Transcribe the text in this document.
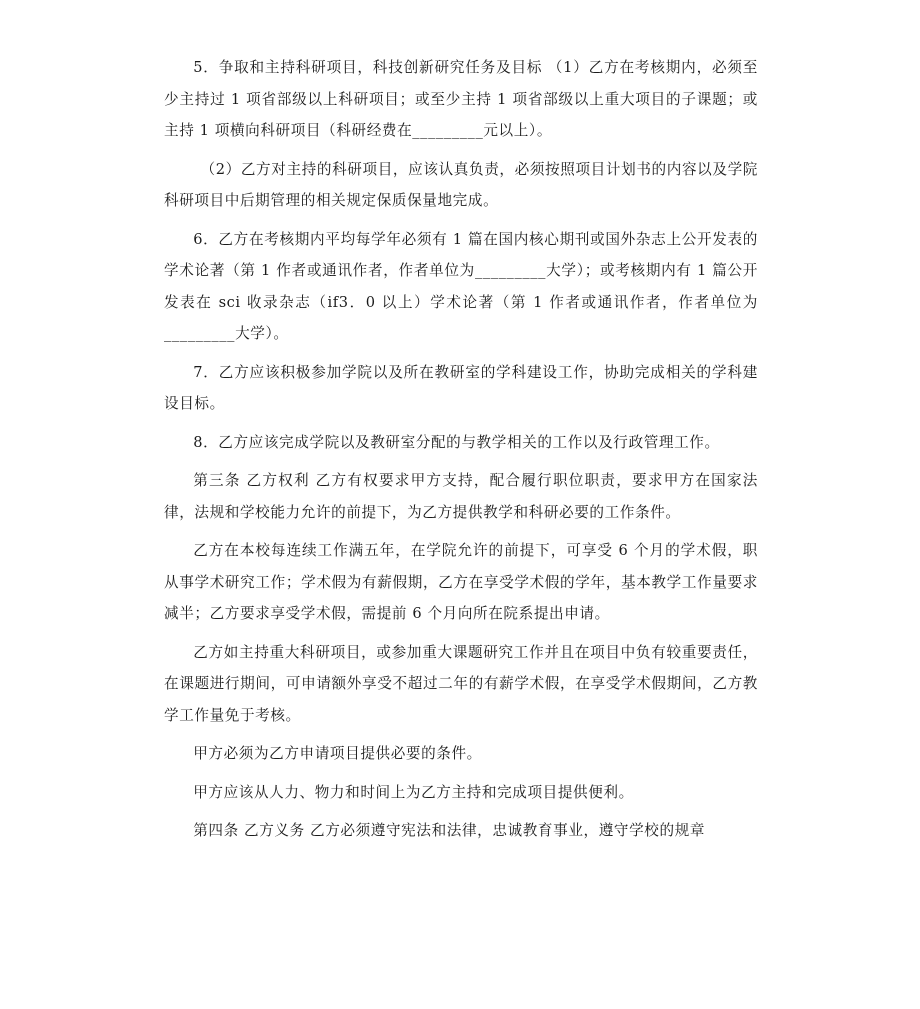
5．争取和主持科研项目，科技创新研究任务及目标 （1）乙方在考核期内，必须至少主持过 1 项省部级以上科研项目；或至少主持 1 项省部级以上重大项目的子课题；或主持 1 项横向科研项目（科研经费在_________元以上）。

（2）乙方对主持的科研项目，应该认真负责，必须按照项目计划书的内容以及学院科研项目中后期管理的相关规定保质保量地完成。

6．乙方在考核期内平均每学年必须有 1 篇在国内核心期刊或国外杂志上公开发表的学术论著（第 1 作者或通讯作者，作者单位为_________大学）；或考核期内有 1 篇公开发表在 sci 收录杂志（if3．0 以上）学术论著（第 1 作者或通讯作者，作者单位为_________大学）。

7．乙方应该积极参加学院以及所在教研室的学科建设工作，协助完成相关的学科建设目标。

8．乙方应该完成学院以及教研室分配的与教学相关的工作以及行政管理工作。

第三条 乙方权利 乙方有权要求甲方支持，配合履行职位职责，要求甲方在国家法律，法规和学校能力允许的前提下，为乙方提供教学和科研必要的工作条件。

乙方在本校每连续工作满五年，在学院允许的前提下，可享受 6 个月的学术假，职从事学术研究工作；学术假为有薪假期，乙方在享受学术假的学年，基本教学工作量要求减半；乙方要求享受学术假，需提前 6 个月向所在院系提出申请。

乙方如主持重大科研项目，或参加重大课题研究工作并且在项目中负有较重要责任，在课题进行期间，可申请额外享受不超过二年的有薪学术假，在享受学术假期间，乙方教学工作量免于考核。

甲方必须为乙方申请项目提供必要的条件。

甲方应该从人力、物力和时间上为乙方主持和完成项目提供便利。

第四条 乙方义务 乙方必须遵守宪法和法律，忠诚教育事业，遵守学校的规章
